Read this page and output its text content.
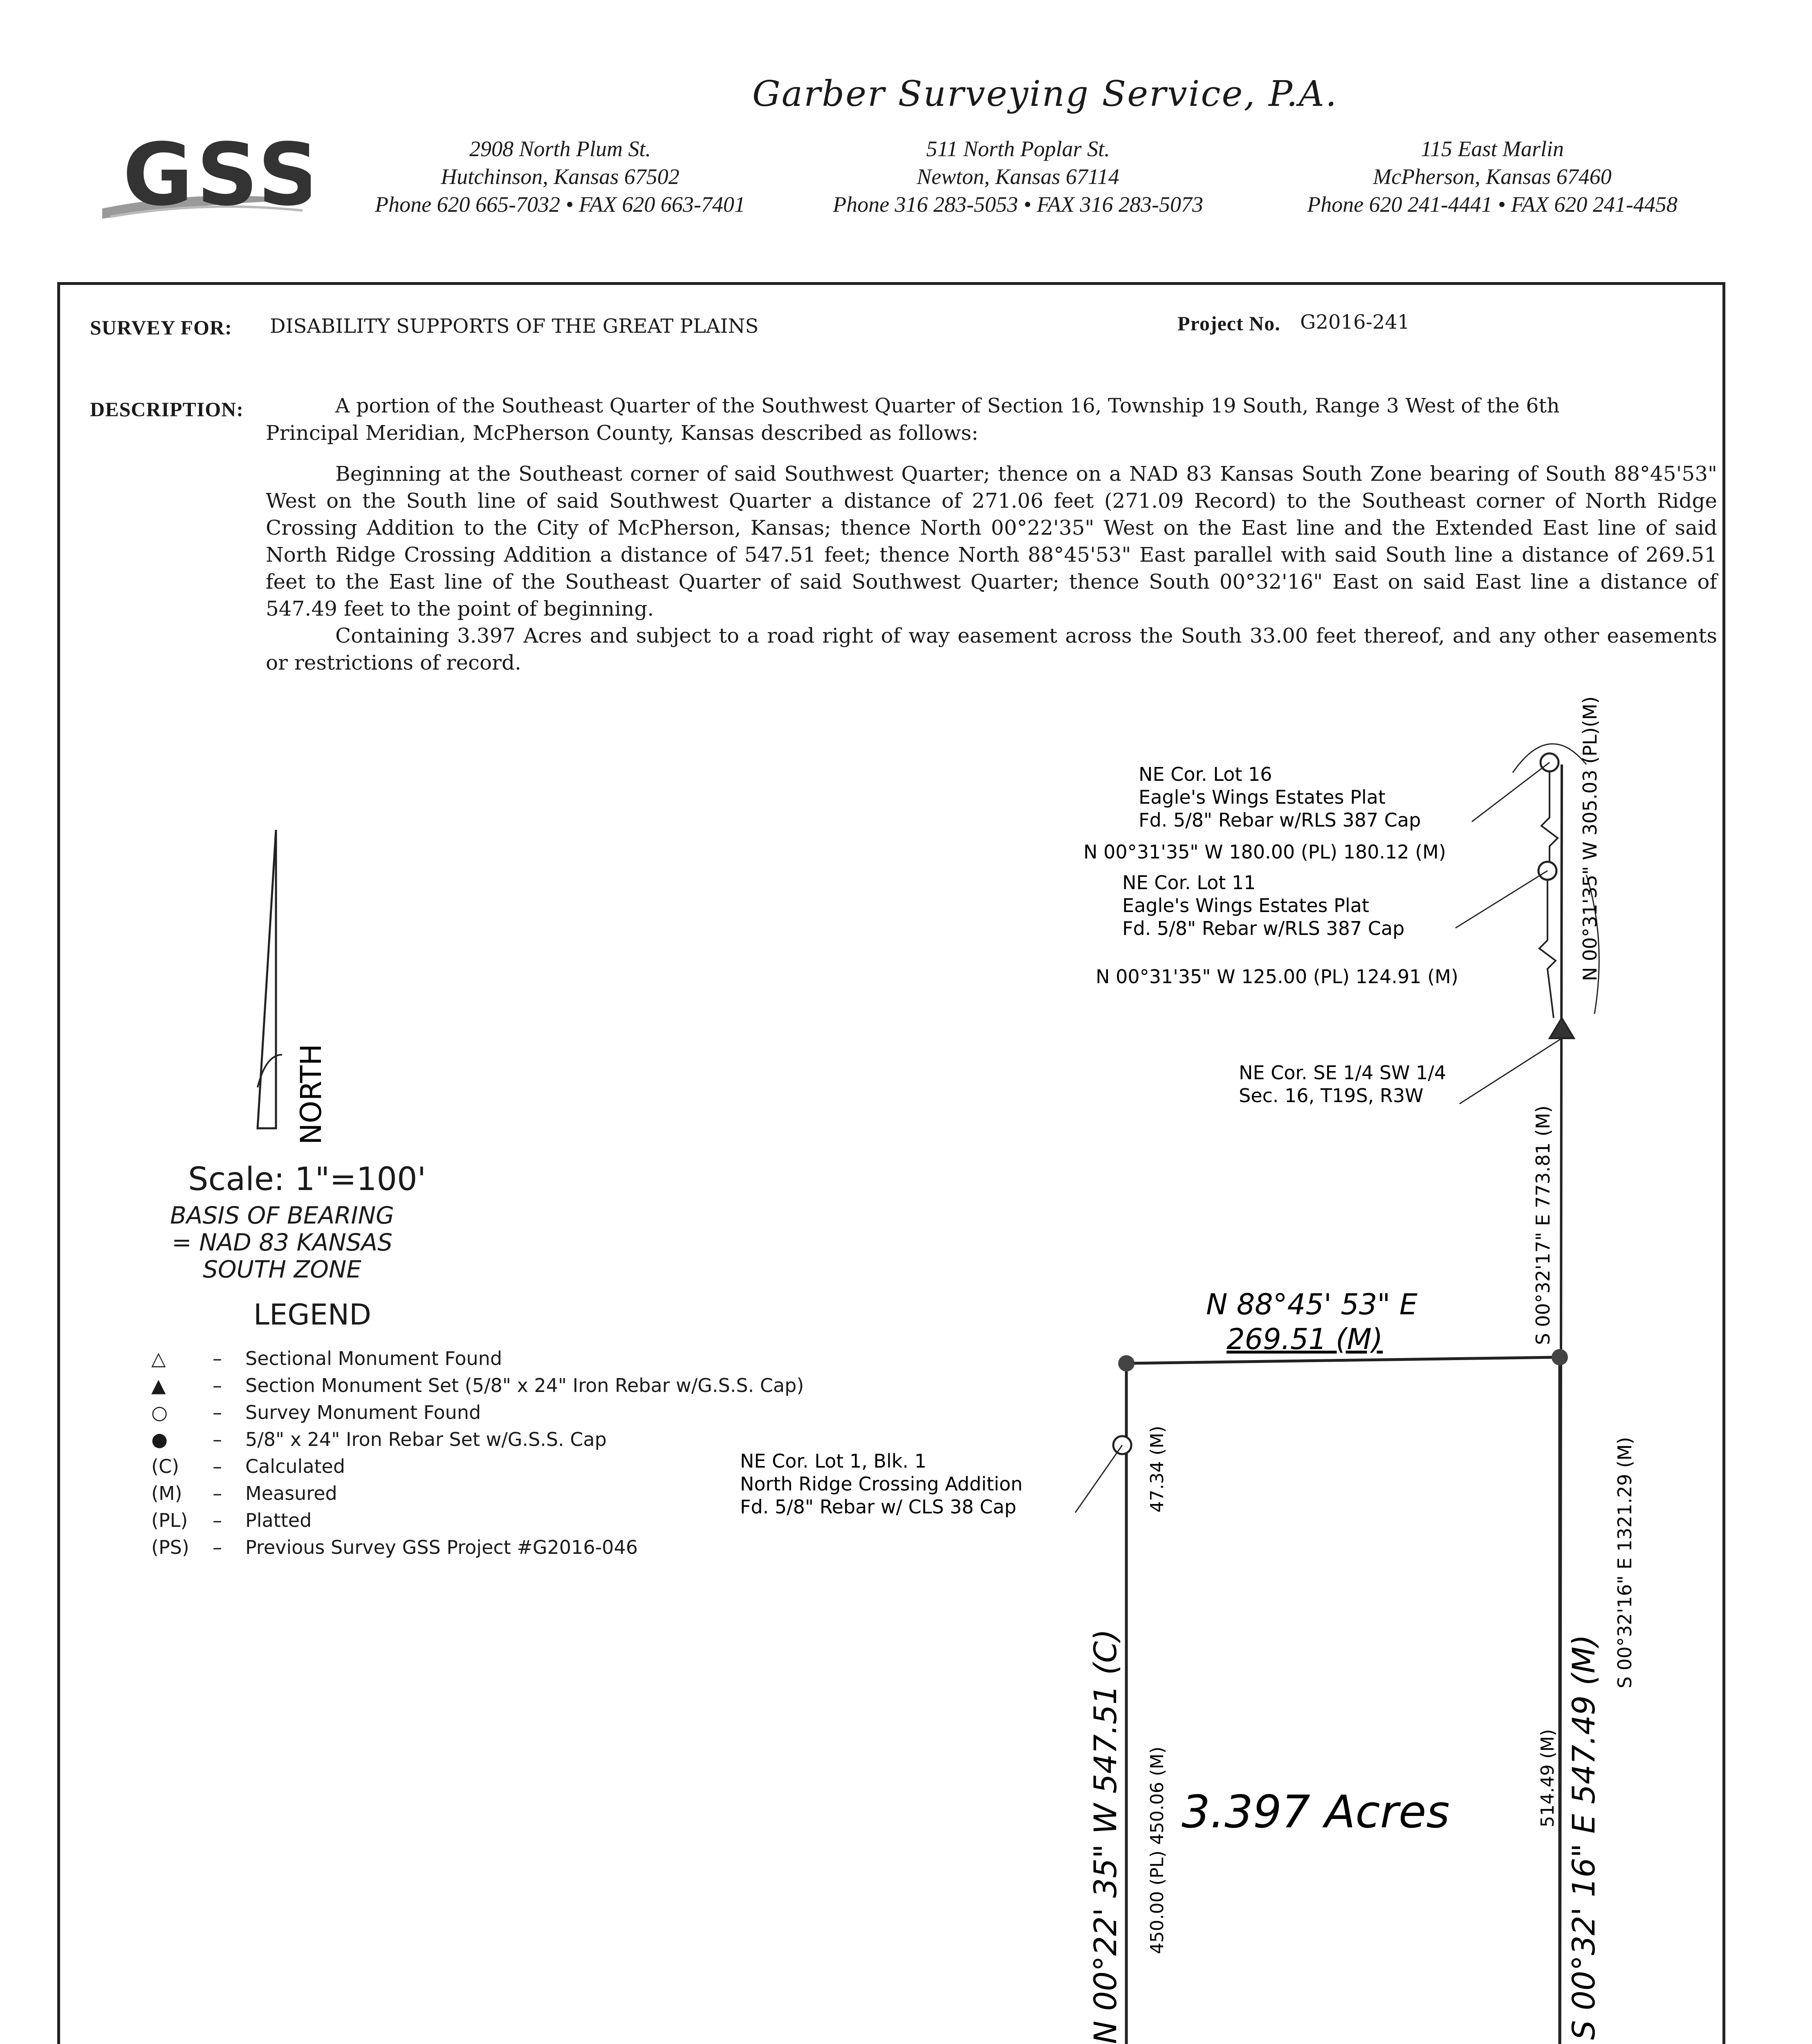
GSS
Garber Surveying Service, P.A.
2908 North Plum St.
Hutchinson, Kansas 67502
Phone 620 665-7032 • FAX 620 663-7401
511 North Poplar St.
Newton, Kansas 67114
Phone 316 283-5053 • FAX 316 283-5073
115 East Marlin
McPherson, Kansas 67460
Phone 620 241-4441 • FAX 620 241-4458
SURVEY FOR: DISABILITY SUPPORTS OF THE GREAT PLAINS	Project No. G2016-241
DESCRIPTION:	A portion of the Southeast Quarter of the Southwest Quarter of Section 16, Township 19 South, Range 3 West of the 6th
Principal Meridian, McPherson County, Kansas described as follows:
Beginning at the Southeast corner of said Southwest Quarter; thence on a NAD 83 Kansas South Zone bearing of South 88°45'53" West on the South line of said Southwest Quarter a distance of 271.06 feet (271.09 Record) to the Southeast corner of North Ridge Crossing Addition to the City of McPherson, Kansas; thence North 00°22'35" West on the East line and the Extended East line of said North Ridge Crossing Addition a distance of 547.51 feet; thence North 88°45'53" East parallel with said South line a distance of 269.51 feet to the East line of the Southeast Quarter of said Southwest Quarter; thence South 00°32'16" East on said East line a distance of 547.49 feet to the point of beginning.
Containing 3.397 Acres and subject to a road right of way easement across the South 33.00 feet thereof, and any other easements or restrictions of record.
NORTH
Scale: 1"=100'
BASIS OF BEARING
= NAD 83 KANSAS
SOUTH ZONE
LEGEND
△ – Sectional Monument Found
▲ – Section Monument Set (5/8" x 24" Iron Rebar w/G.S.S. Cap)
○ – Survey Monument Found
● – 5/8" x 24" Iron Rebar Set w/G.S.S. Cap
(C) – Calculated
(M) – Measured
(PL) – Platted
(PS) – Previous Survey GSS Project #G2016-046
NE Cor. Lot 16
Eagle's Wings Estates Plat
Fd. 5/8" Rebar w/RLS 387 Cap
N 00°31'35" W 180.00 (PL) 180.12 (M)
NE Cor. Lot 11
Eagle's Wings Estates Plat
Fd. 5/8" Rebar w/RLS 387 Cap
N 00°31'35" W 125.00 (PL) 124.91 (M)	N 00°31'35" W 305.03 (PL)(M)
NE Cor. SE 1/4 SW 1/4
Sec. 16, T19S, R3W
S 00°32'17" E 773.81 (M)
N 88°45' 53" E
269.51 (M)
S 00°32'16" E 1321.29 (M)
NE Cor. Lot 1, Blk. 1
North Ridge Crossing Addition
Fd. 5/8" Rebar w/ CLS 38 Cap	47.34 (M)
N 00°22' 35" W 547.51 (C) 450.00 (PL) 450.06 (M) 3.397 Acres	514.49 (M) S 00°32' 16" E 547.49 (M)
